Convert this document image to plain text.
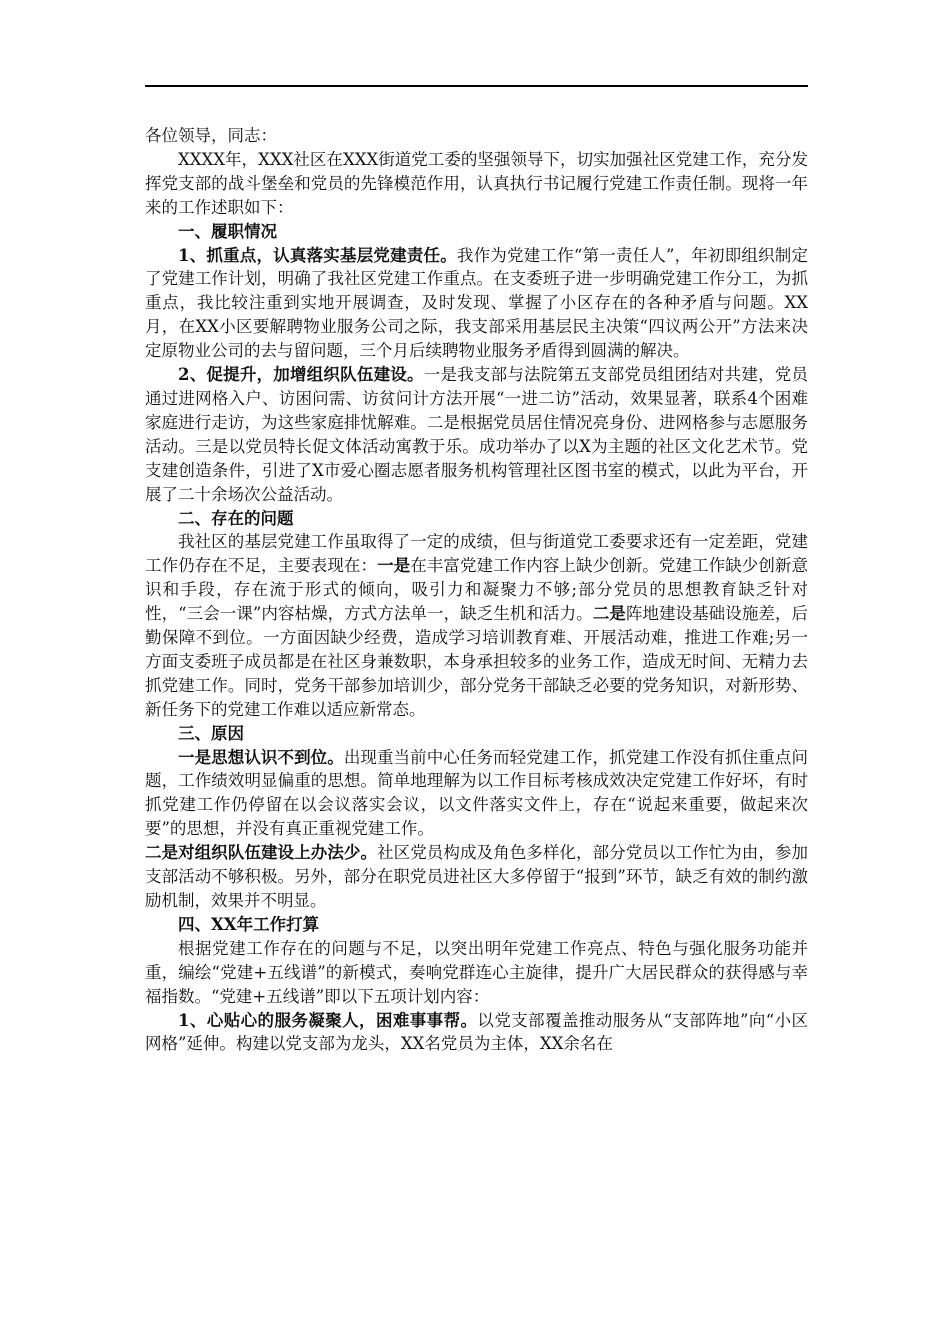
各位领导，同志：

XXXX年，XXX社区在XXX街道党工委的坚强领导下，切实加强社区党建工作，充分发挥党支部的战斗堡垒和党员的先锋模范作用，认真执行书记履行党建工作责任制。现将一年来的工作述职如下：

一、履职情况

1、抓重点，认真落实基层党建责任。我作为党建工作“第一责任人”，年初即组织制定了党建工作计划，明确了我社区党建工作重点。在支委班子进一步明确党建工作分工，为抓重点，我比较注重到实地开展调查，及时发现、掌握了小区存在的各种矛盾与问题。XX月，在XX小区要解聘物业服务公司之际，我支部采用基层民主决策“四议两公开”方法来决定原物业公司的去与留问题，三个月后续聘物业服务矛盾得到圆满的解决。

2、促提升，加增组织队伍建设。一是我支部与法院第五支部党员组团结对共建，党员通过进网格入户、访困问需、访贫问计方法开展“一进二访”活动，效果显著，联系4个困难家庭进行走访，为这些家庭排忧解难。二是根据党员居住情况亮身份、进网格参与志愿服务活动。三是以党员特长促文体活动寓教于乐。成功举办了以X为主题的社区文化艺术节。党支建创造条件，引进了X市爱心圈志愿者服务机构管理社区图书室的模式，以此为平台，开展了二十余场次公益活动。

二、存在的问题

我社区的基层党建工作虽取得了一定的成绩，但与街道党工委要求还有一定差距，党建工作仍存在不足，主要表现在：一是在丰富党建工作内容上缺少创新。党建工作缺少创新意识和手段，存在流于形式的倾向，吸引力和凝聚力不够;部分党员的思想教育缺乏针对性，“三会一课”内容枯燥，方式方法单一，缺乏生机和活力。二是阵地建设基础设施差，后勤保障不到位。一方面因缺少经费，造成学习培训教育难、开展活动难，推进工作难;另一方面支委班子成员都是在社区身兼数职，本身承担较多的业务工作，造成无时间、无精力去抓党建工作。同时，党务干部参加培训少，部分党务干部缺乏必要的党务知识，对新形势、新任务下的党建工作难以适应新常态。

三、原因

一是思想认识不到位。出现重当前中心任务而轻党建工作，抓党建工作没有抓住重点问题，工作绩效明显偏重的思想。简单地理解为以工作目标考核成效决定党建工作好坏，有时抓党建工作仍停留在以会议落实会议，以文件落实文件上，存在“说起来重要，做起来次要”的思想，并没有真正重视党建工作。

二是对组织队伍建设上办法少。社区党员构成及角色多样化，部分党员以工作忙为由，参加支部活动不够积极。另外，部分在职党员进社区大多停留于“报到”环节，缺乏有效的制约激励机制，效果并不明显。

四、XX年工作打算

根据党建工作存在的问题与不足，以突出明年党建工作亮点、特色与强化服务功能并重，编绘“党建+五线谱”的新模式，奏响党群连心主旋律，提升广大居民群众的获得感与幸福指数。“党建+五线谱”即以下五项计划内容：

1、心贴心的服务凝聚人，困难事事帮。以党支部覆盖推动服务从“支部阵地”向“小区网格”延伸。构建以党支部为龙头，XX名党员为主体，XX余名在
